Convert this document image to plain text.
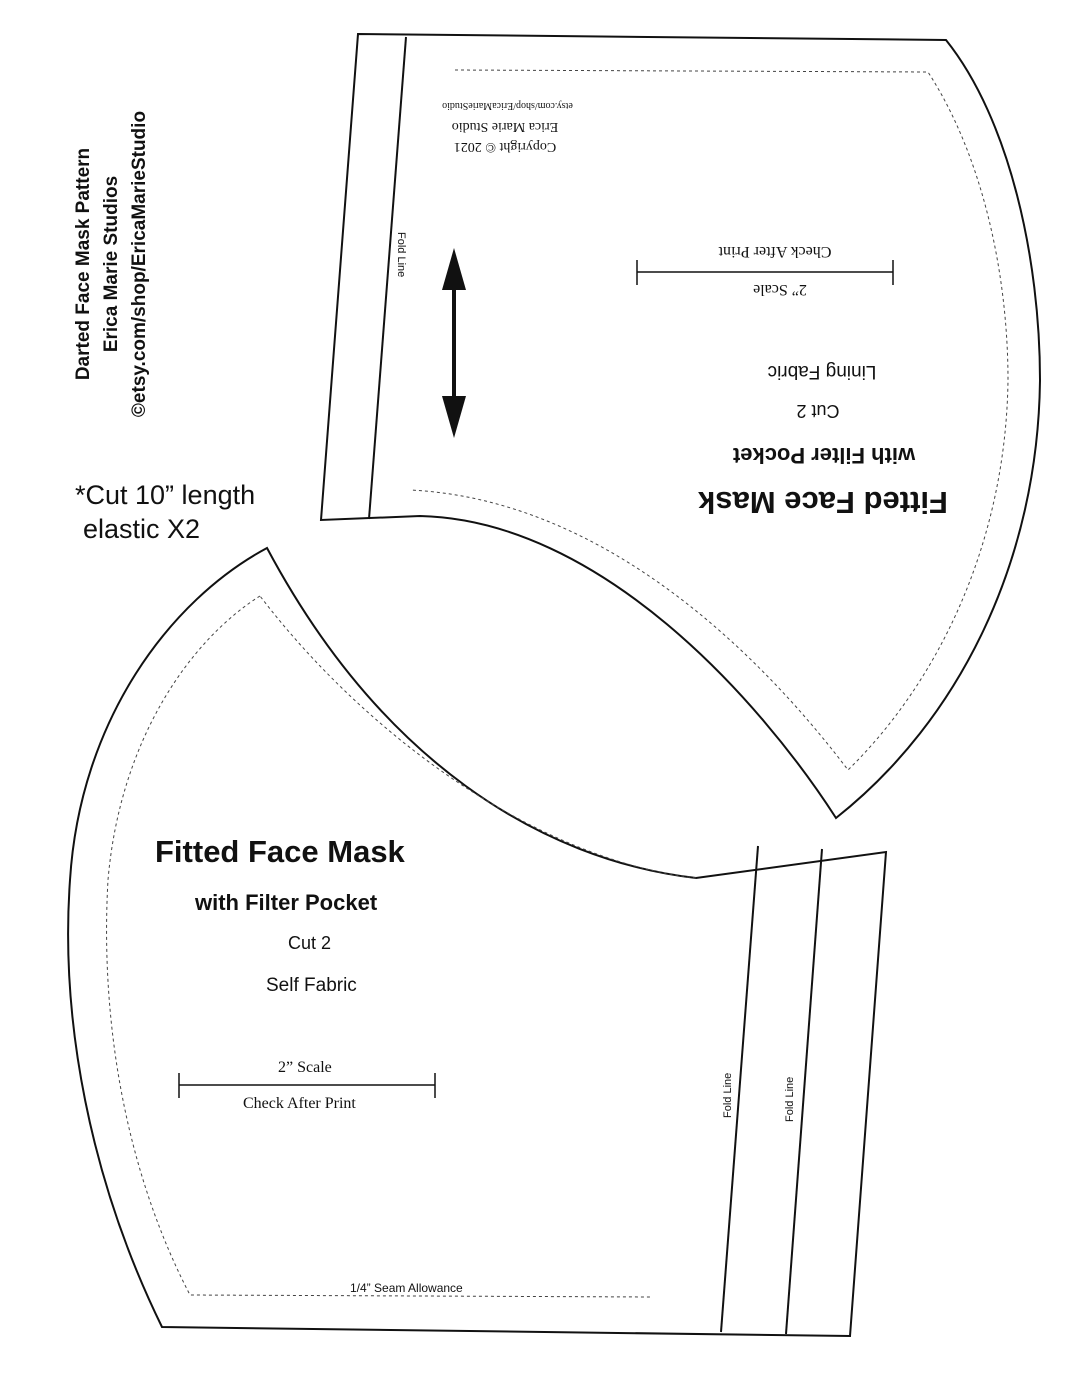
Darted Face Mask Pattern Erica Marie Studios ©etsy.com/shop/EricaMarieStudio
*Cut 10” length
elastic X2
Fitted Face Mask
with Filter Pocket
Cut 2
Lining Fabric
2” Scale
Check After Print
Copyright © 2021
Erica Marie Studio
etsy.com/shop/EricaMarieStudio
Fold Line
Fitted Face Mask
with Filter Pocket
Cut 2
Self Fabric
2” Scale
Check After Print	Fold Line	Fold Line
1/4” Seam Allowance
